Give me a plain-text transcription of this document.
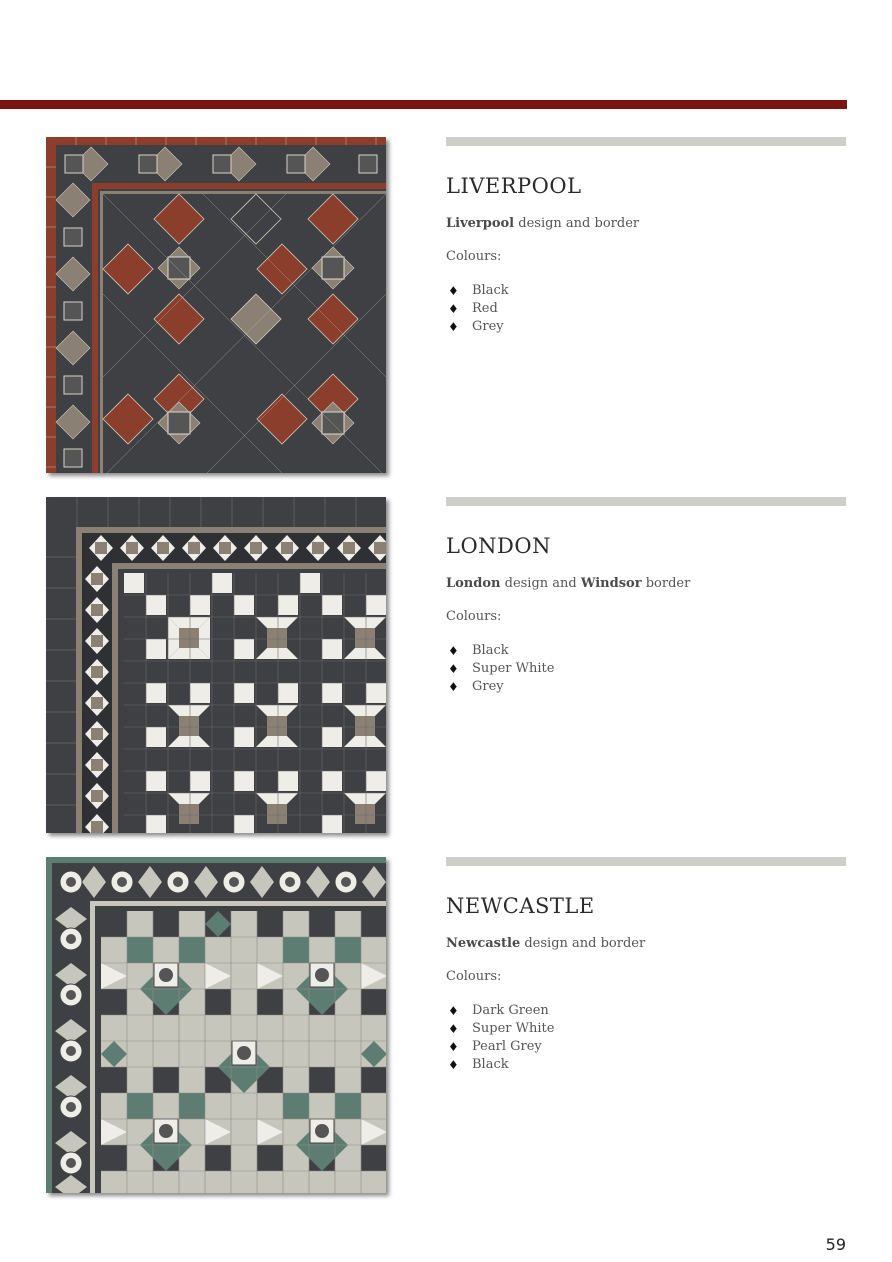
LIVERPOOL
Liverpool design and border
Colours:
♦ Black
♦ Red
♦ Grey
LONDON
London design and Windsor border
Colours:
♦ Black
♦ Super White
♦ Grey
NEWCASTLE
Newcastle design and border
Colours:
♦ Dark Green
♦ Super White
♦ Pearl Grey
♦ Black
59
